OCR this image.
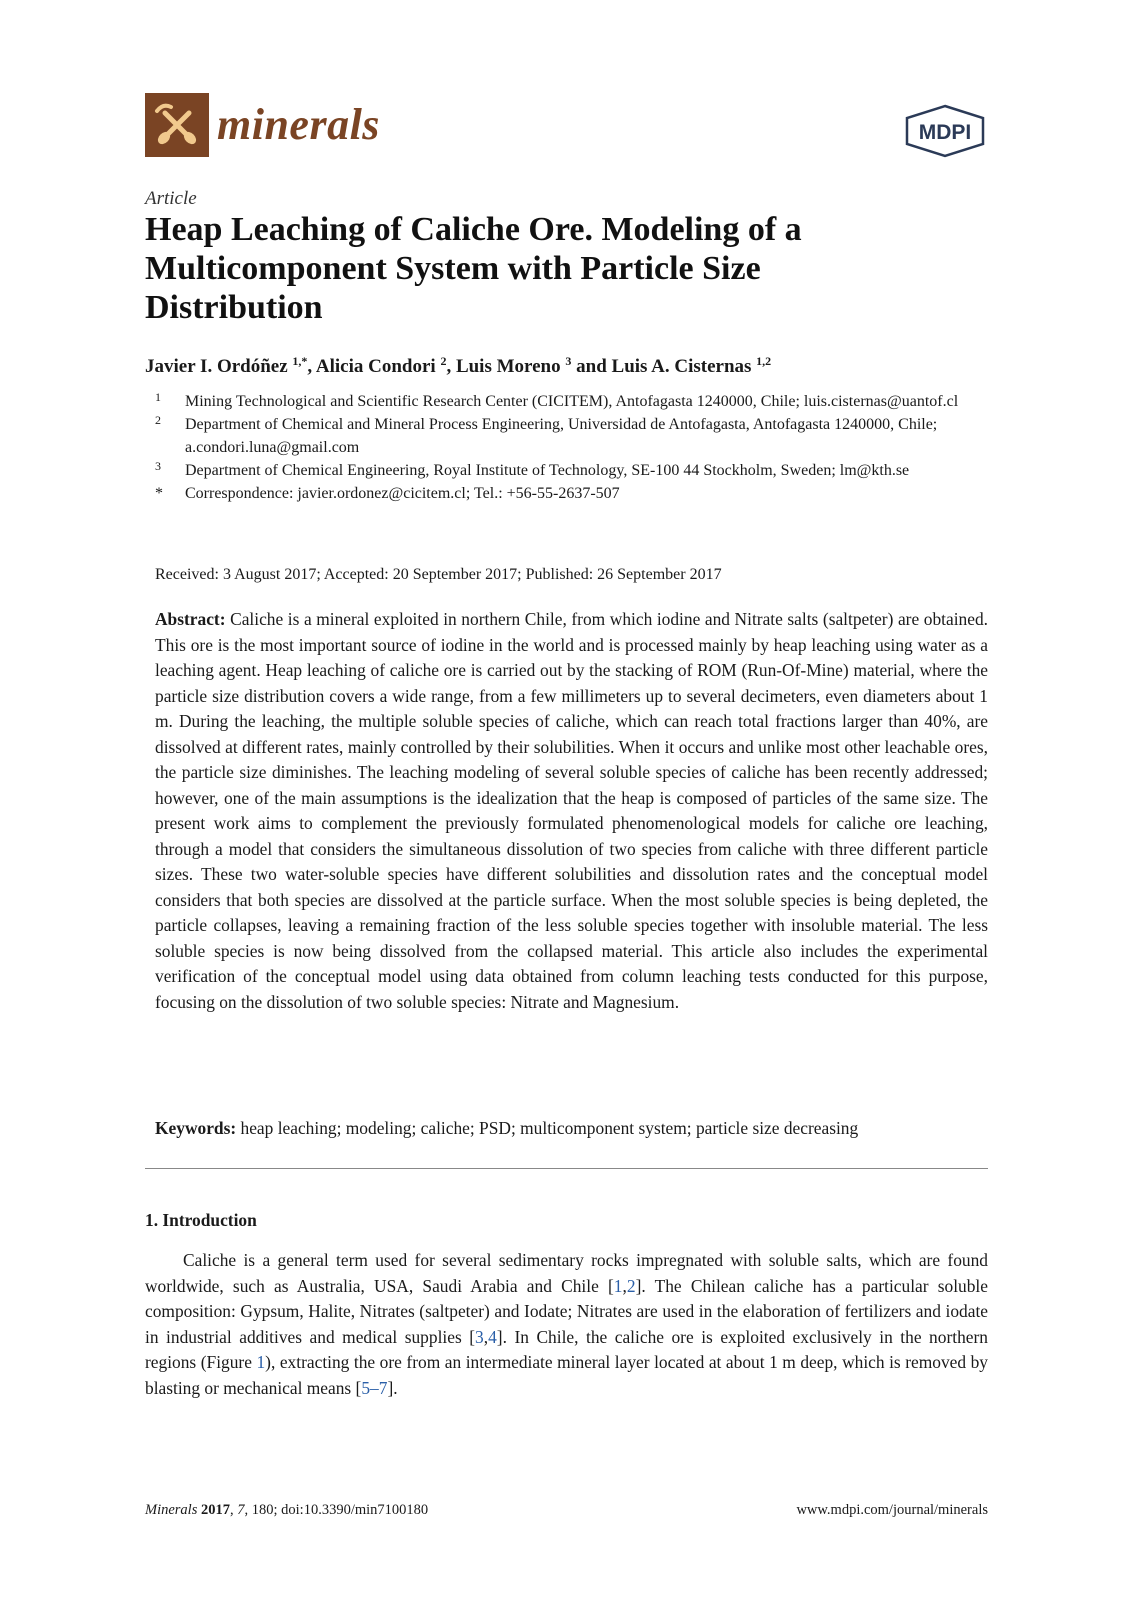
minerals	MDPI
Article
Heap Leaching of Caliche Ore. Modeling of a Multicomponent System with Particle Size Distribution
Javier I. Ordóñez $^{1,*}$, Alicia Condori $^2$, Luis Moreno $^3$ and Luis A. Cisternas $^{1,2}$
1 Mining Technological and Scientific Research Center (CICITEM), Antofagasta 1240000, Chile; luis.cisternas@uantof.cl
2 Department of Chemical and Mineral Process Engineering, Universidad de Antofagasta, Antofagasta 1240000, Chile; a.condori.luna@gmail.com
3 Department of Chemical Engineering, Royal Institute of Technology, SE-100 44 Stockholm, Sweden; lm@kth.se
* Correspondence: javier.ordonez@cicitem.cl; Tel.: +56-55-2637-507
Received: 3 August 2017; Accepted: 20 September 2017; Published: 26 September 2017
Abstract: Caliche is a mineral exploited in northern Chile, from which iodine and Nitrate salts (saltpeter) are obtained. This ore is the most important source of iodine in the world and is processed mainly by heap leaching using water as a leaching agent. Heap leaching of caliche ore is carried out by the stacking of ROM (Run-Of-Mine) material, where the particle size distribution covers a wide range, from a few millimeters up to several decimeters, even diameters about 1 m. During the leaching, the multiple soluble species of caliche, which can reach total fractions larger than 40%, are dissolved at different rates, mainly controlled by their solubilities. When it occurs and unlike most other leachable ores, the particle size diminishes. The leaching modeling of several soluble species of caliche has been recently addressed; however, one of the main assumptions is the idealization that the heap is composed of particles of the same size. The present work aims to complement the previously formulated phenomenological models for caliche ore leaching, through a model that considers the simultaneous dissolution of two species from caliche with three different particle sizes. These two water-soluble species have different solubilities and dissolution rates and the conceptual model considers that both species are dissolved at the particle surface. When the most soluble species is being depleted, the particle collapses, leaving a remaining fraction of the less soluble species together with insoluble material. The less soluble species is now being dissolved from the collapsed material. This article also includes the experimental verification of the conceptual model using data obtained from column leaching tests conducted for this purpose, focusing on the dissolution of two soluble species: Nitrate and Magnesium.
Keywords: heap leaching; modeling; caliche; PSD; multicomponent system; particle size decreasing
1. Introduction
Caliche is a general term used for several sedimentary rocks impregnated with soluble salts, which are found worldwide, such as Australia, USA, Saudi Arabia and Chile [1,2]. The Chilean caliche has a particular soluble composition: Gypsum, Halite, Nitrates (saltpeter) and Iodate; Nitrates are used in the elaboration of fertilizers and iodate in industrial additives and medical supplies [3,4]. In Chile, the caliche ore is exploited exclusively in the northern regions (Figure 1), extracting the ore from an intermediate mineral layer located at about 1 m deep, which is removed by blasting or mechanical means [5–7].
Minerals 2017, 7, 180; doi:10.3390/min7100180	www.mdpi.com/journal/minerals
